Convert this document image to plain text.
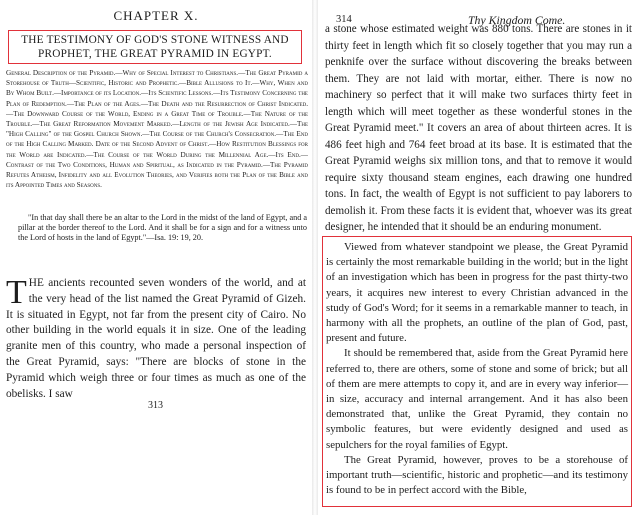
CHAPTER X.
THE TESTIMONY OF GOD'S STONE WITNESS AND PROPHET, THE GREAT PYRAMID IN EGYPT.

General Description of the Pyramid.—Why of Special Interest to Christians.—The Great Pyramid a Storehouse of Truth—Scientific, Historic and Prophetic.—Bible Allusions to It.—Why, When and By Whom Built.—Importance of its Location.—Its Scientific Lessons.—Its Testimony Concerning the Plan of Redemption.—The Plan of the Ages.—The Death and the Resurrection of Christ Indicated.—The Downward Course of the World, Ending in a Great Time of Trouble.—The Nature of the Trouble.—The Great Reformation Movement Marked.—Length of the Jewish Age Indicated.—The "High Calling" of the Gospel Church Shown.—The Course of the Church's Consecration.—The End of the High Calling Marked. Date of the Second Advent of Christ.—How Restitution Blessings for the World are Indicated.—The Course of the World During the Millennial Age.—Its End.—Contrast of the Two Conditions, Human and Spiritual, as Indicated in the Pyramid.—The Pyramid Refutes Atheism, Infidelity and all Evolution Theories, and Verifies both the Plan of the Bible and its Appointed Times and Seasons.

"In that day shall there be an altar to the Lord in the midst of the land of Egypt, and a pillar at the border thereof to the Lord. And it shall be for a sign and for a witness unto the Lord of hosts in the land of Egypt."—Isa. 19: 19, 20.

T HE ancients recounted seven wonders of the world, and at the very head of the list named the Great Pyramid of Gizeh. It is situated in Egypt, not far from the present city of Cairo. No other building in the world equals it in size. One of the leading granite men of this country, who made a personal inspection of the Great Pyramid, says: "There are blocks of stone in the Pyramid which weigh three or four times as much as one of the obelisks. I saw

313
314	Thy Kingdom Come.

a stone whose estimated weight was 880 tons. There are stones in it thirty feet in length which fit so closely together that you may run a penknife over the surface without discovering the breaks between them. They are not laid with mortar, either. There is now no machinery so perfect that it will make two surfaces thirty feet in length which will meet together as these wonderful stones in the Great Pyramid meet." It covers an area of about thirteen acres. It is 486 feet high and 764 feet broad at its base. It is estimated that the Great Pyramid weighs six million tons, and that to remove it would require sixty thousand steam engines, each drawing one hundred tons. In fact, the wealth of Egypt is not sufficient to pay laborers to demolish it. From these facts it is evident that, whoever was its great designer, he intended that it should be an enduring monument.

Viewed from whatever standpoint we please, the Great Pyramid is certainly the most remarkable building in the world; but in the light of an investigation which has been in progress for the past thirty-two years, it acquires new interest to every Christian advanced in the study of God's Word; for it seems in a remarkable manner to teach, in harmony with all the prophets, an outline of the plan of God, past, present and future.

It should be remembered that, aside from the Great Pyramid here referred to, there are others, some of stone and some of brick; but all of them are mere attempts to copy it, and are in every way inferior—in size, accuracy and internal arrangement. And it has also been demonstrated that, unlike the Great Pyramid, they contain no symbolic features, but were evidently designed and used as sepulchers for the royal families of Egypt.

The Great Pyramid, however, proves to be a storehouse of important truth—scientific, historic and prophetic—and its testimony is found to be in perfect accord with the Bible,
